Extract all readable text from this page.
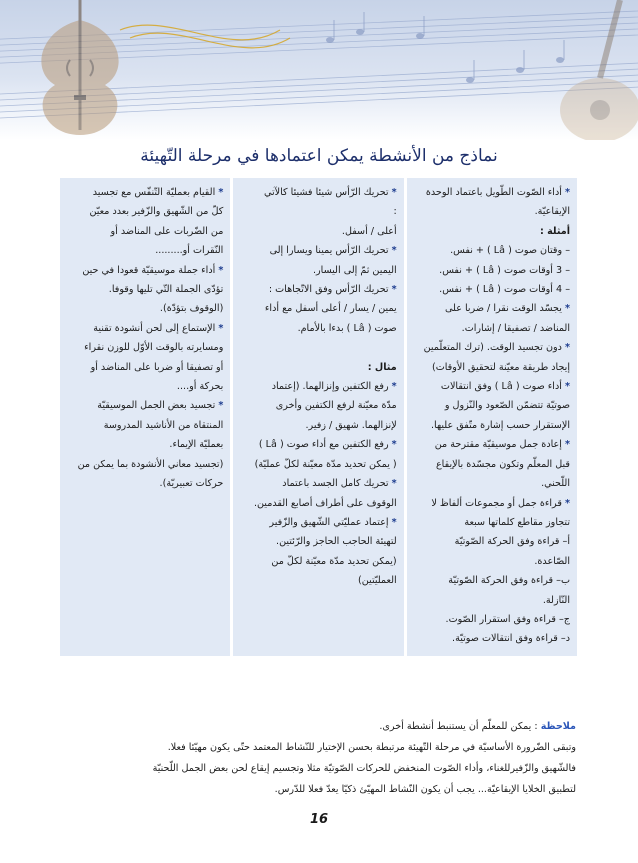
نماذج من الأنشطة يمكن اعتمادها في مرحلة التّهيئة

* أداء الصّوت الطّويل باعتماد الوحدة

الإيقاعيّة.

أمثلة :

– وقتان صوت ( Lâ ) + نفس.

– 3 أوقات صوت ( Lâ ) + نفس.

– 4 أوقات صوت ( Lâ ) + نفس.

* يجسّد الوقت نقرا / ضربا على

المناضد / تصفيقا / إشارات.

* دون تجسيد الوقت. (ترك المتعلّمين

إيجاد طريقة معيّنة لتحقيق الأوقات)

* أداء صوت ( Lâ ) وفق انتقالات

صوتيّة تتضمّن الصّعود والنّزول و

الإستقرار حسب إشارة متّفق عليها.

* إعادة جمل موسيقيّة مقترحة من

قبل المعلّم وتكون مجسّدة بالإيقاع

اللّحني.

* قراءة جمل أو مجموعات ألفاظ لا

تتجاوز مقاطع كلماتها سبعة

أ– قراءة وفق الحركة الصّوتيّة

الصّاعدة.

ب– قراءة وفق الحركة الصّوتيّة

النّازلة.

ج– قراءة وفق استقرار الصّوت.

د– قراءة وفق انتقالات صوتيّة.

* تحريك الرّأس شيئا فشيئا كالآتي

:

أعلى / أسفل.

* تحريك الرّأس يمينا ويسارا إلى

اليمين ثمّ إلى اليسار.

* تحريك الرّأس وفق الاتّجاهات :

يمين / يسار / أعلى أسفل مع أداء

صوت ( Lâ ) بدءا بالأمام.

مثال :

* رفع الكتفين وإنزالهما. (إعتماد

مدّة معيّنة لرفع الكتفين وأخرى

لإنزالهما. شهيق / زفير.

* رفع الكتفين مع أداء صوت ( Lâ )

( يمكن تحديد مدّة معيّنة لكلّ عمليّة)

* تحريك كامل الجسد باعتماد

الوقوف على أطراف أصابع القدمين.

* إعتماد عمليّتي الشّهيق والزّفير

لتهيئة الحاجب الحاجز والرّئتين.

(يمكن تحديد مدّة معيّنة لكلّ من

العمليّتين)

* القيام بعمليّة التّنفّس مع تجسيد

كلّ من الشّهيق والزّفير بعدد معيّن

من الضّربات على المناضد أو

النّقرات أو.........

* أداء جملة موسيقيّة قعودا في حين

تؤدّى الجملة التّي تليها وقوفا.

(الوقوف بتؤدّة).

* الإستماع إلى لحن أنشودة تقنية

ومسايرته بالوقت الأوّل للوزن نقراء

أو تصفيقا أو ضربا على المناضد أو

بحركة أو....

* تجسيد بعض الجمل الموسيقيّة

المنتقاة من الأناشيد المدروسة

بعمليّة الإيماء.

(تجسيد معاني الأنشودة بما يمكن من

حركات تعبيريّة).

ملاحظة : يمكن للمعلّم أن يستنبط أنشطة أخرى.

وتبقى الضّرورة الأساسيّة في مرحلة التّهيئة مرتبطة بحسن الإختيار للنّشاط المعتمد حتّى يكون مهيّئا فعلا.

فالشّهيق والزّفيرللغناء، وأداء الصّوت المنخفض للحركات الصّوتيّة مثلا وتجسيم إيقاع لحن بعض الجمل اللّحنيّة

لتطبيق الخلايا الإيقاعيّة... يجب أن يكون النّشاط المهيّئ ذكيّا يعدّ فعلا للدّرس.

16
